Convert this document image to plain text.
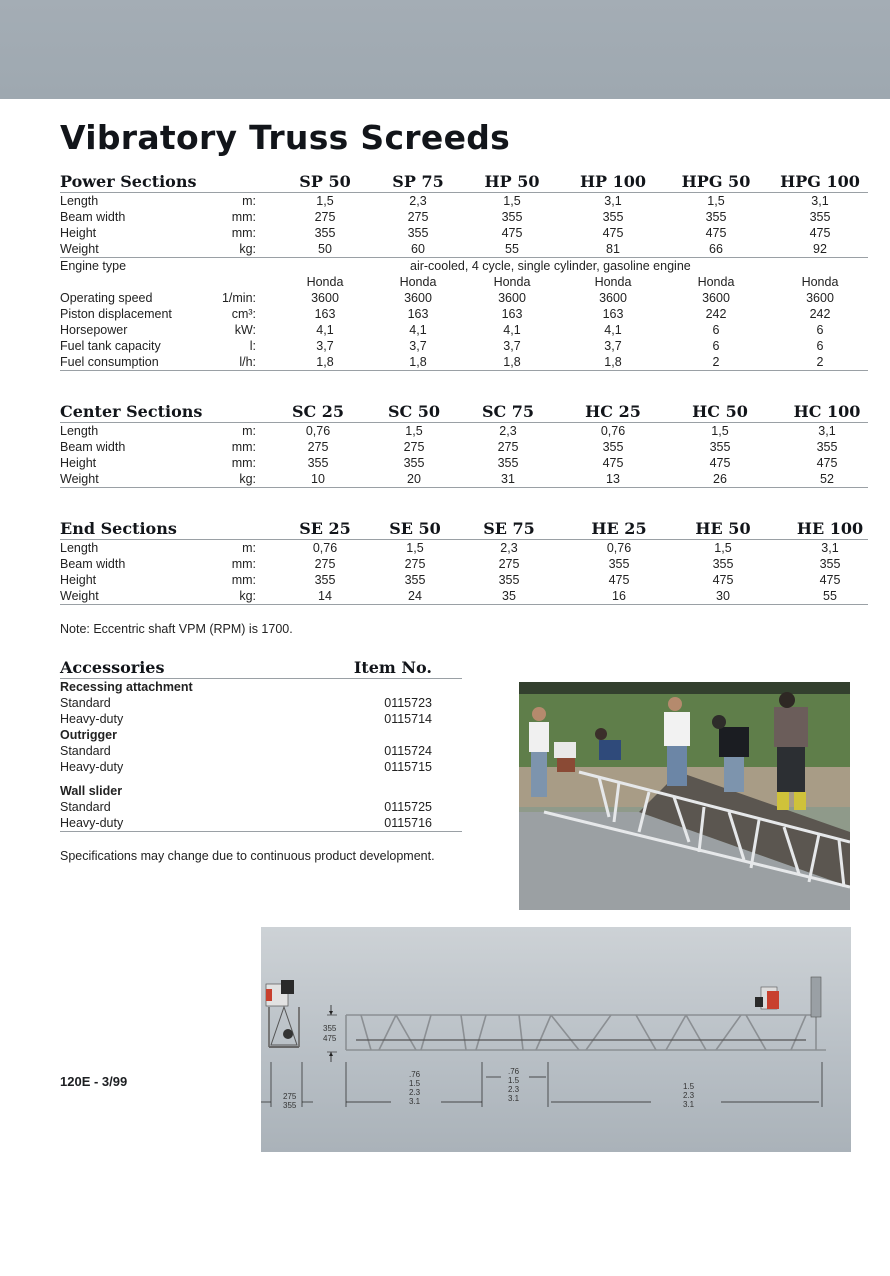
Vibratory Truss Screeds
Power Sections	SP 50	SP 75	HP 50	HP 100	HPG 50	HPG 100
Length	m:	1,5	2,3	1,5	3,1	1,5	3,1
Beam width	mm:	275	275	355	355	355	355
Height	mm:	355	355	475	475	475	475
Weight	kg:	50	60	55	81	66	92
Engine type	air-cooled, 4 cycle, single cylinder, gasoline engine
Honda	Honda	Honda	Honda	Honda	Honda
Operating speed	1/min:	3600	3600	3600	3600	3600	3600
Piston displacement	cm³:	163	163	163	163	242	242
Horsepower	kW:	4,1	4,1	4,1	4,1	6	6
Fuel tank capacity	l:	3,7	3,7	3,7	3,7	6	6
Fuel consumption	l/h:	1,8	1,8	1,8	1,8	2	2
Center Sections	SC 25	SC 50	SC 75	HC 25	HC 50	HC 100
Length	m:	0,76	1,5	2,3	0,76	1,5	3,1
Beam width	mm:	275	275	275	355	355	355
Height	mm:	355	355	355	475	475	475
Weight	kg:	10	20	31	13	26	52
End Sections	SE 25	SE 50	SE 75	HE 25	HE 50	HE 100
Length	m:	0,76	1,5	2,3	0,76	1,5	3,1
Beam width	mm:	275	275	275	355	355	355
Height	mm:	355	355	355	475	475	475
Weight	kg:	14	24	35	16	30	55
Note: Eccentric shaft VPM (RPM) is 1700.
Accessories	Item No.
Recessing attachment
Standard	0115723
Heavy-duty	0115714
Outrigger
Standard	0115724
Heavy-duty	0115715
Wall slider
Standard	0115725
Heavy-duty	0115716
Specifications may change due to continuous product development.
355
475
275
355
.76
1.5
2.3
3.1
.76
1.5
2.3
3.1
1.5
2.3
3.1
120E - 3/99
